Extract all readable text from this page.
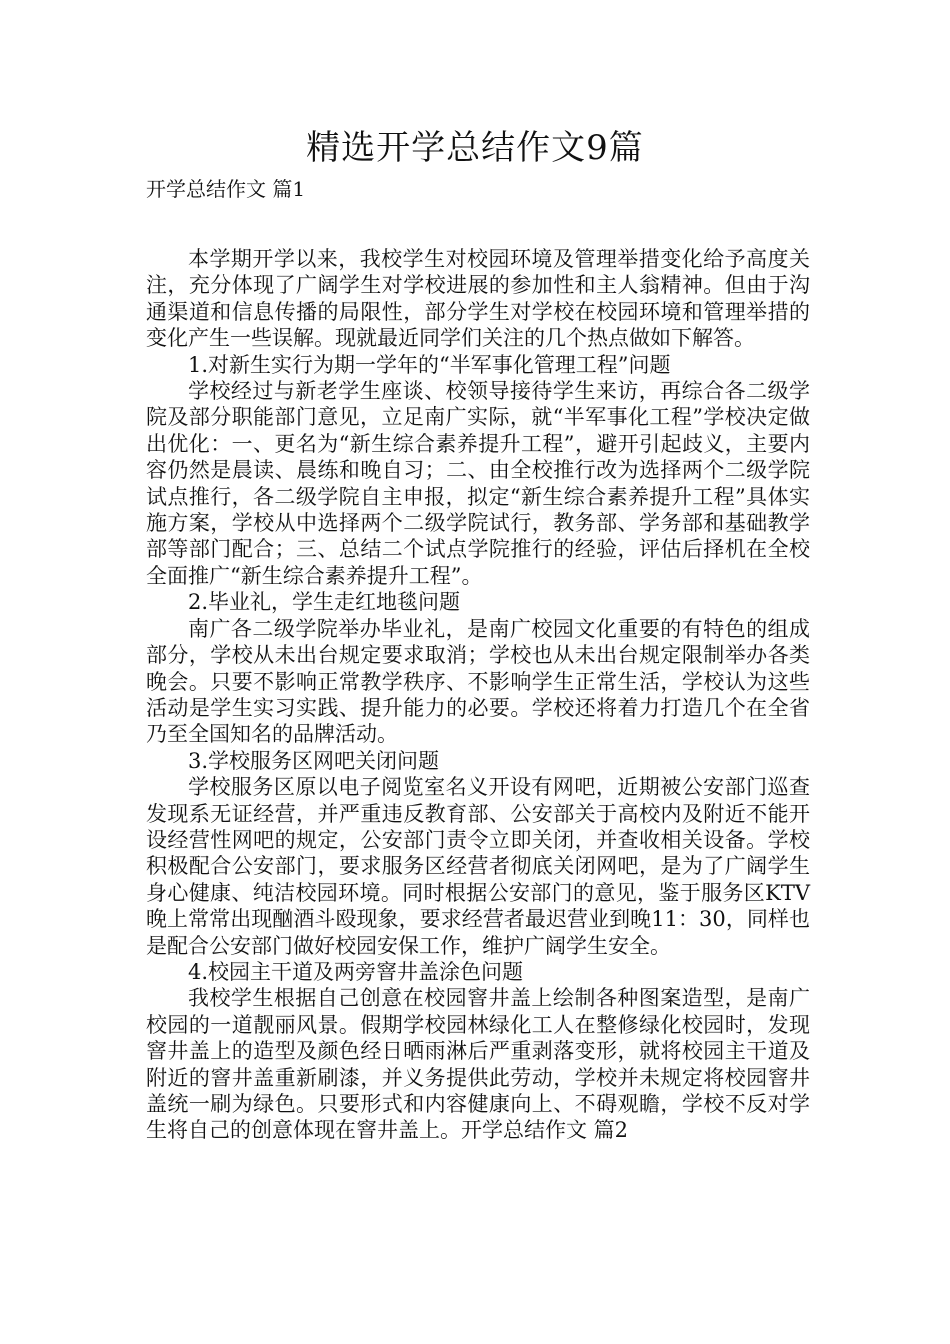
精选开学总结作文9篇
开学总结作文 篇1

本学期开学以来，我校学生对校园环境及管理举措变化给予高度关注，充分体现了广阔学生对学校进展的参加性和主人翁精神。但由于沟通渠道和信息传播的局限性，部分学生对学校在校园环境和管理举措的变化产生一些误解。现就最近同学们关注的几个热点做如下解答。

1.对新生实行为期一学年的“半军事化管理工程”问题

学校经过与新老学生座谈、校领导接待学生来访，再综合各二级学院及部分职能部门意见，立足南广实际，就“半军事化工程”学校决定做出优化：一、更名为“新生综合素养提升工程”，避开引起歧义，主要内容仍然是晨读、晨练和晚自习；二、由全校推行改为选择两个二级学院试点推行，各二级学院自主申报，拟定“新生综合素养提升工程”具体实施方案，学校从中选择两个二级学院试行，教务部、学务部和基础教学部等部门配合；三、总结二个试点学院推行的经验，评估后择机在全校全面推广“新生综合素养提升工程”。

2.毕业礼，学生走红地毯问题

南广各二级学院举办毕业礼，是南广校园文化重要的有特色的组成部分，学校从未出台规定要求取消；学校也从未出台规定限制举办各类晚会。只要不影响正常教学秩序、不影响学生正常生活，学校认为这些活动是学生实习实践、提升能力的必要。学校还将着力打造几个在全省乃至全国知名的品牌活动。

3.学校服务区网吧关闭问题

学校服务区原以电子阅览室名义开设有网吧，近期被公安部门巡查发现系无证经营，并严重违反教育部、公安部关于高校内及附近不能开设经营性网吧的规定，公安部门责令立即关闭，并查收相关设备。学校积极配合公安部门，要求服务区经营者彻底关闭网吧，是为了广阔学生身心健康、纯洁校园环境。同时根据公安部门的意见，鉴于服务区KTV晚上常常出现酗酒斗殴现象，要求经营者最迟营业到晚11：30，同样也是配合公安部门做好校园安保工作，维护广阔学生安全。

4.校园主干道及两旁窨井盖涂色问题

我校学生根据自己创意在校园窨井盖上绘制各种图案造型，是南广校园的一道靓丽风景。假期学校园林绿化工人在整修绿化校园时，发现窨井盖上的造型及颜色经日晒雨淋后严重剥落变形，就将校园主干道及附近的窨井盖重新刷漆，并义务提供此劳动，学校并未规定将校园窨井盖统一刷为绿色。只要形式和内容健康向上、不碍观瞻，学校不反对学生将自己的创意体现在窨井盖上。开学总结作文 篇2
